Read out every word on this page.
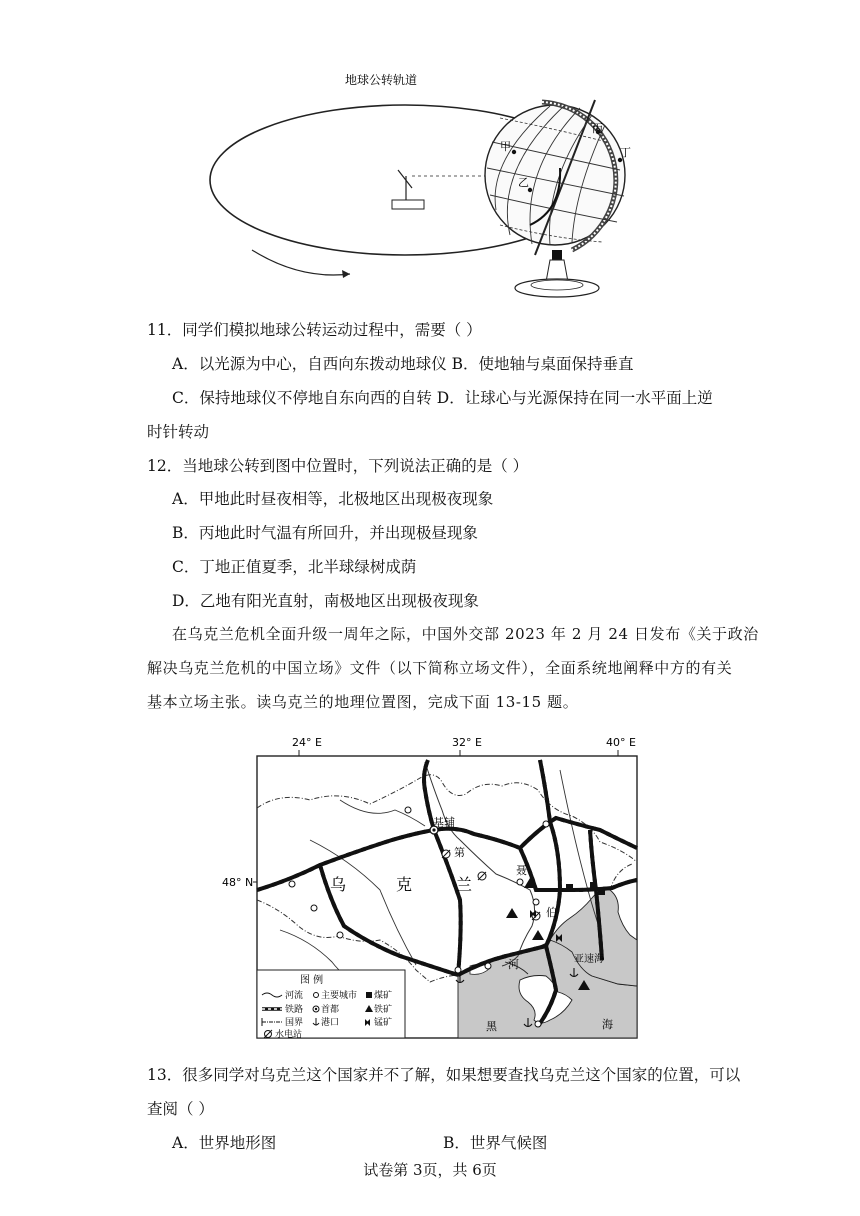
地球公转轨道
甲
乙
丙
丁
11．同学们模拟地球公转运动过程中，需要（ ）
A．以光源为中心，自西向东拨动地球仪 B．使地轴与桌面保持垂直
C．保持地球仪不停地自东向西的自转 D．让球心与光源保持在同一水平面上逆
时针转动
12．当地球公转到图中位置时，下列说法正确的是（ ）
A．甲地此时昼夜相等，北极地区出现极夜现象
B．丙地此时气温有所回升，并出现极昼现象
C．丁地正值夏季，北半球绿树成荫
D．乙地有阳光直射，南极地区出现极夜现象
在乌克兰危机全面升级一周年之际，中国外交部 2023 年 2 月 24 日发布《关于政治
解决乌克兰危机的中国立场》文件（以下简称立场文件），全面系统地阐释中方的有关
基本立场主张。读乌克兰的地理位置图，完成下面 13-15 题。
24° E	32° E	40° E
48° N	乌	克	兰
基辅
第
聂
伯
河	亚速海
黑	海
图 例
河流 主要城市 煤矿
铁路 首都	铁矿
国界 港口	锰矿
水电站
13．很多同学对乌克兰这个国家并不了解，如果想要查找乌克兰这个国家的位置，可以
查阅（ ）
A．世界地形图	B．世界气候图
试卷第 3页，共 6页
